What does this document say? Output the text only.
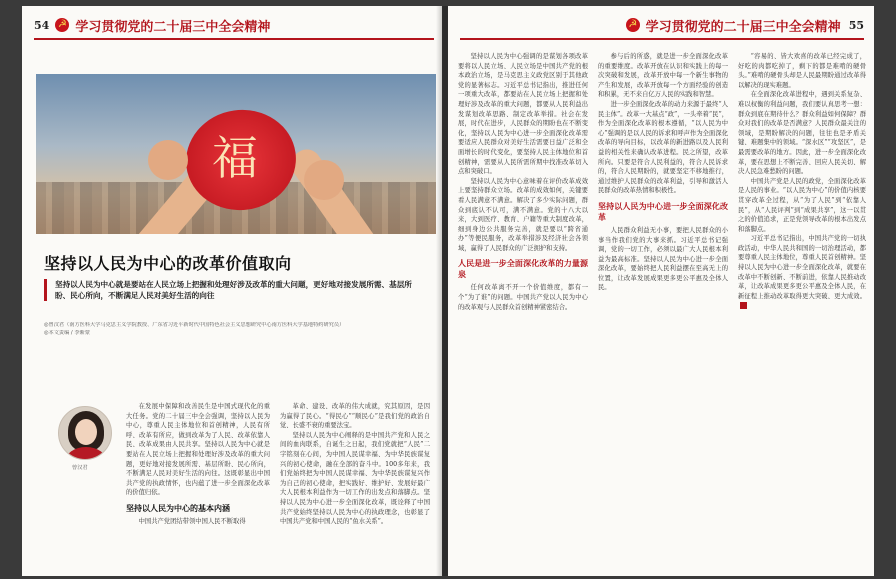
54 ☭ 学习贯彻党的二十届三中全会精神
福
坚持以人民为中心的改革价值取向
坚持以人民为中心就是要站在人民立场上把握和处理好涉及改革的重大问题，更好地对接发展所需、基层所盼、民心所向，不断满足人民对美好生活的向往
◎曾汉君（南方医科大学马克思主义学院教授、广东省习近平新时代中国特色社会主义思想研究中心南方医科大学基地特约研究员）
◎本文责编 / 李紫蒙
曾汉君

在发展中保障和改善民生是中国式现代化的重大任务。党的二十届三中全会强调，坚持以人民为中心，尊重人民主体地位和首创精神，人民有所呼、改革有所应，做到改革为了人民、改革依靠人民、改革成果由人民共享。坚持以人民为中心就是要站在人民立场上把握和处理好涉及改革的重大问题，更好地对接发展所需、基层所盼、民心所向，不断满足人民对美好生活的向往。这既彰显出中国共产党的执政情怀，也内蕴了进一步全面深化改革的价值归依。

坚持以人民为中心的基本内涵

中国共产党团结带领中国人民不断取得

革命、建设、改革的伟大成就，究其原因，是因为赢得了民心。“得民心”“顺民心”是我们党的政治自觉、长盛不衰的重要法宝。

坚持以人民为中心阐释的是中国共产党和人民之间的血肉联系，自诞生之日起，我们党就把“人民”二字铭刻在心间，为中国人民谋幸福、为中华民族谋复兴的初心使命，融在全部的奋斗中。100多年来，我们党始终把为中国人民谋幸福、为中华民族谋复兴作为自己的初心使命，把实践好、维护好、发展好最广大人民根本利益作为一切工作的出发点和落脚点。坚持以人民为中心进一步全面深化改革，既诠释了中国共产党始终坚持以人民为中心的执政理念，也彰显了中国共产党和中国人民的“鱼水关系”。

☭ 学习贯彻党的二十届三中全会精神 55

坚持以人民为中心强调的是谋划各项改革要将以人民立场、人民立场是中国共产党的根本政治立场，是马克思主义政党区别于其他政党的显著标志。习近平总书记指出，推进任何一项重大改革，都要站在人民立场上把握和处理好涉及改革的重大问题，都要从人民利益出发谋划改革思路、制定改革举措。社会在发展，时代在进步，人民群众的期盼也在不断变化，坚持以人民为中心进一步全面深化改革需要适应人民群众对美好生活需要日益广泛和全面增长的时代变化，要坚持人民主体地位和首创精神，需要从人民所需所期中找准改革切入点和突破口。

坚持以人民为中心意味着在评价改革成效上要坚持群众立场。改革的成效如何，关键要看人民满意不满意。解决了多少实际问题，群众到底认不认可，满不满意。党的十八大以来，大到医疗、教育、户籍等重大制度改革，细到身边公共服务完善，就是要以“跨省通办”等便民服务，改革举措涉及经济社会各领域，赢得了人民群众的广泛拥护和支持。

人民是进一步全面深化改革的力量源泉

任何改革离不开一个价值维度，都有一个“为了谁”的问题。中国共产党以人民为中心的改革观与人民群众首创精神紧密结合。

参与后的所惑，就是进一步全面深化改革的重要维度。改革开放在认识和实践上的每一次突破和发展，改革开放中每一个新生事物的产生和发展，改革开放每一个方面经验的创造和积累，无不来自亿万人民的实践和智慧。

进一步全面深化改革的动力来源于最终“人民主体”。改革一大基点“政”，一头牵着“民”，作为全面深化改革的根本遵循，“以人民为中心”强调的是以人民的诉求和呼声作为全面深化改革的导向目标，以改革的新进路以及人民利益的相关性来确认改革进程。民之所望，改革所向。只要是符合人民利益的，符合人民诉求的，符合人民期盼的，就要坚定不移地推行，通过维护人民群众的改革利益，引导和激活人民群众的改革热情和积极性。

坚持以人民为中心进一步全面深化改革

人民群众利益无小事，要把人民群众的小事当作我们党的大事来抓。习近平总书记强调，党的一切工作，必须以最广大人民根本利益为最高标准。坚持以人民为中心进一步全面深化改革，要始终把人民利益摆在至高无上的位置，让改革发展成果更多更公平惠及全体人民。

“容易的、皆大欢喜的改革已经完成了，好吃的肉都吃掉了，剩下的都是难啃的硬骨头。”难啃的硬骨头却是人民最期盼通过改革得以解决的现实难题。

在全面深化改革进程中，遇到关系复杂、难以权衡的利益问题，我们要认真思考一想：群众到底在期待什么？群众利益如何保障？群众对我们的改革是否满意？人民群众最关注的领域，是期盼解决的问题，往往也是矛盾关键、难题集中的领域。“深水区”“攻坚区”，是最需要改革的地方。因此，进一步全面深化改革，要在思想上不断完善、回应人民关切、解决人民急难愁盼的问题。

中国共产党是人民的政党，全面深化改革是人民的事业。“以人民为中心”的价值内核要贯穿改革全过程，从“为了人民”到“依靠人民”，从“人民评判”到“成果共享”，这一以贯之的价值追求，正是党领导改革的根本出发点和落脚点。

习近平总书记指出，中国共产党的一切执政活动，中华人民共和国的一切治理活动，都要尊重人民主体地位，尊重人民首创精神。坚持以人民为中心进一步全面深化改革，就要在改革中不断创新、不断前进，依靠人民推动改革，让改革成果更多更公平惠及全体人民，在新征程上推动改革取得更大突破、更大成效。
